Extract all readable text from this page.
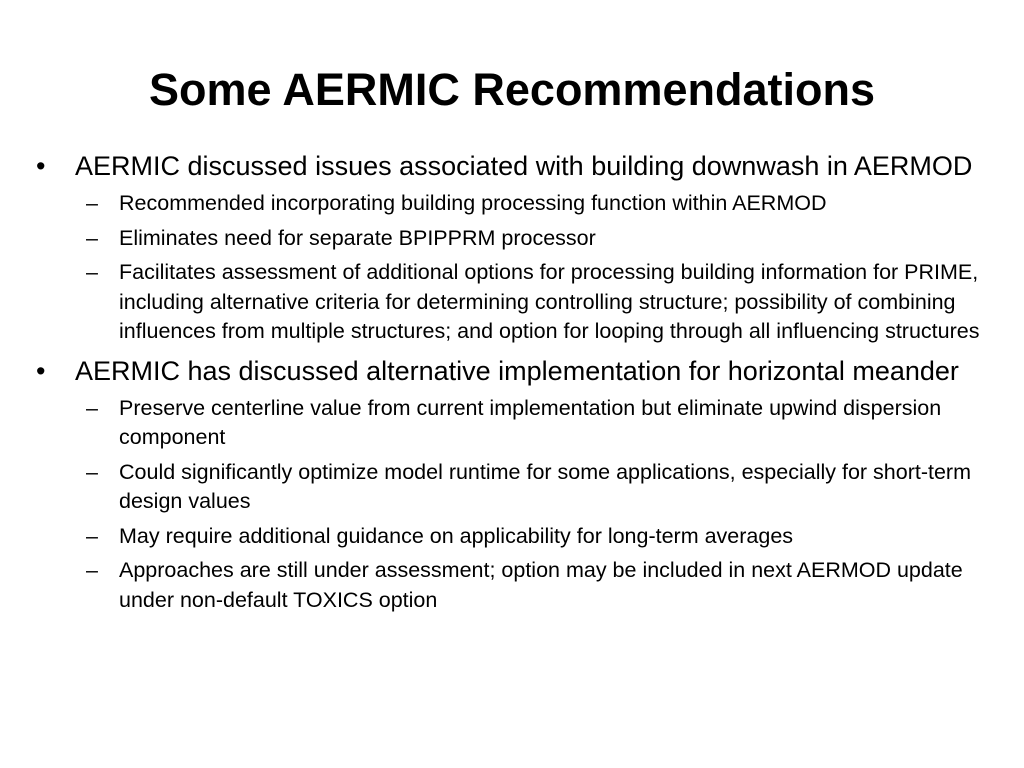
Some AERMIC Recommendations
• AERMIC discussed issues associated with building downwash in AERMOD
– Recommended incorporating building processing function within AERMOD
– Eliminates need for separate BPIPPRM processor
– Facilitates assessment of additional options for processing building information for PRIME, including alternative criteria for determining controlling structure; possibility of combining influences from multiple structures; and option for looping through all influencing structures
• AERMIC has discussed alternative implementation for horizontal meander
– Preserve centerline value from current implementation but eliminate upwind dispersion component
– Could significantly optimize model runtime for some applications, especially for short-term design values
– May require additional guidance on applicability for long-term averages
– Approaches are still under assessment; option may be included in next AERMOD update under non-default TOXICS option
